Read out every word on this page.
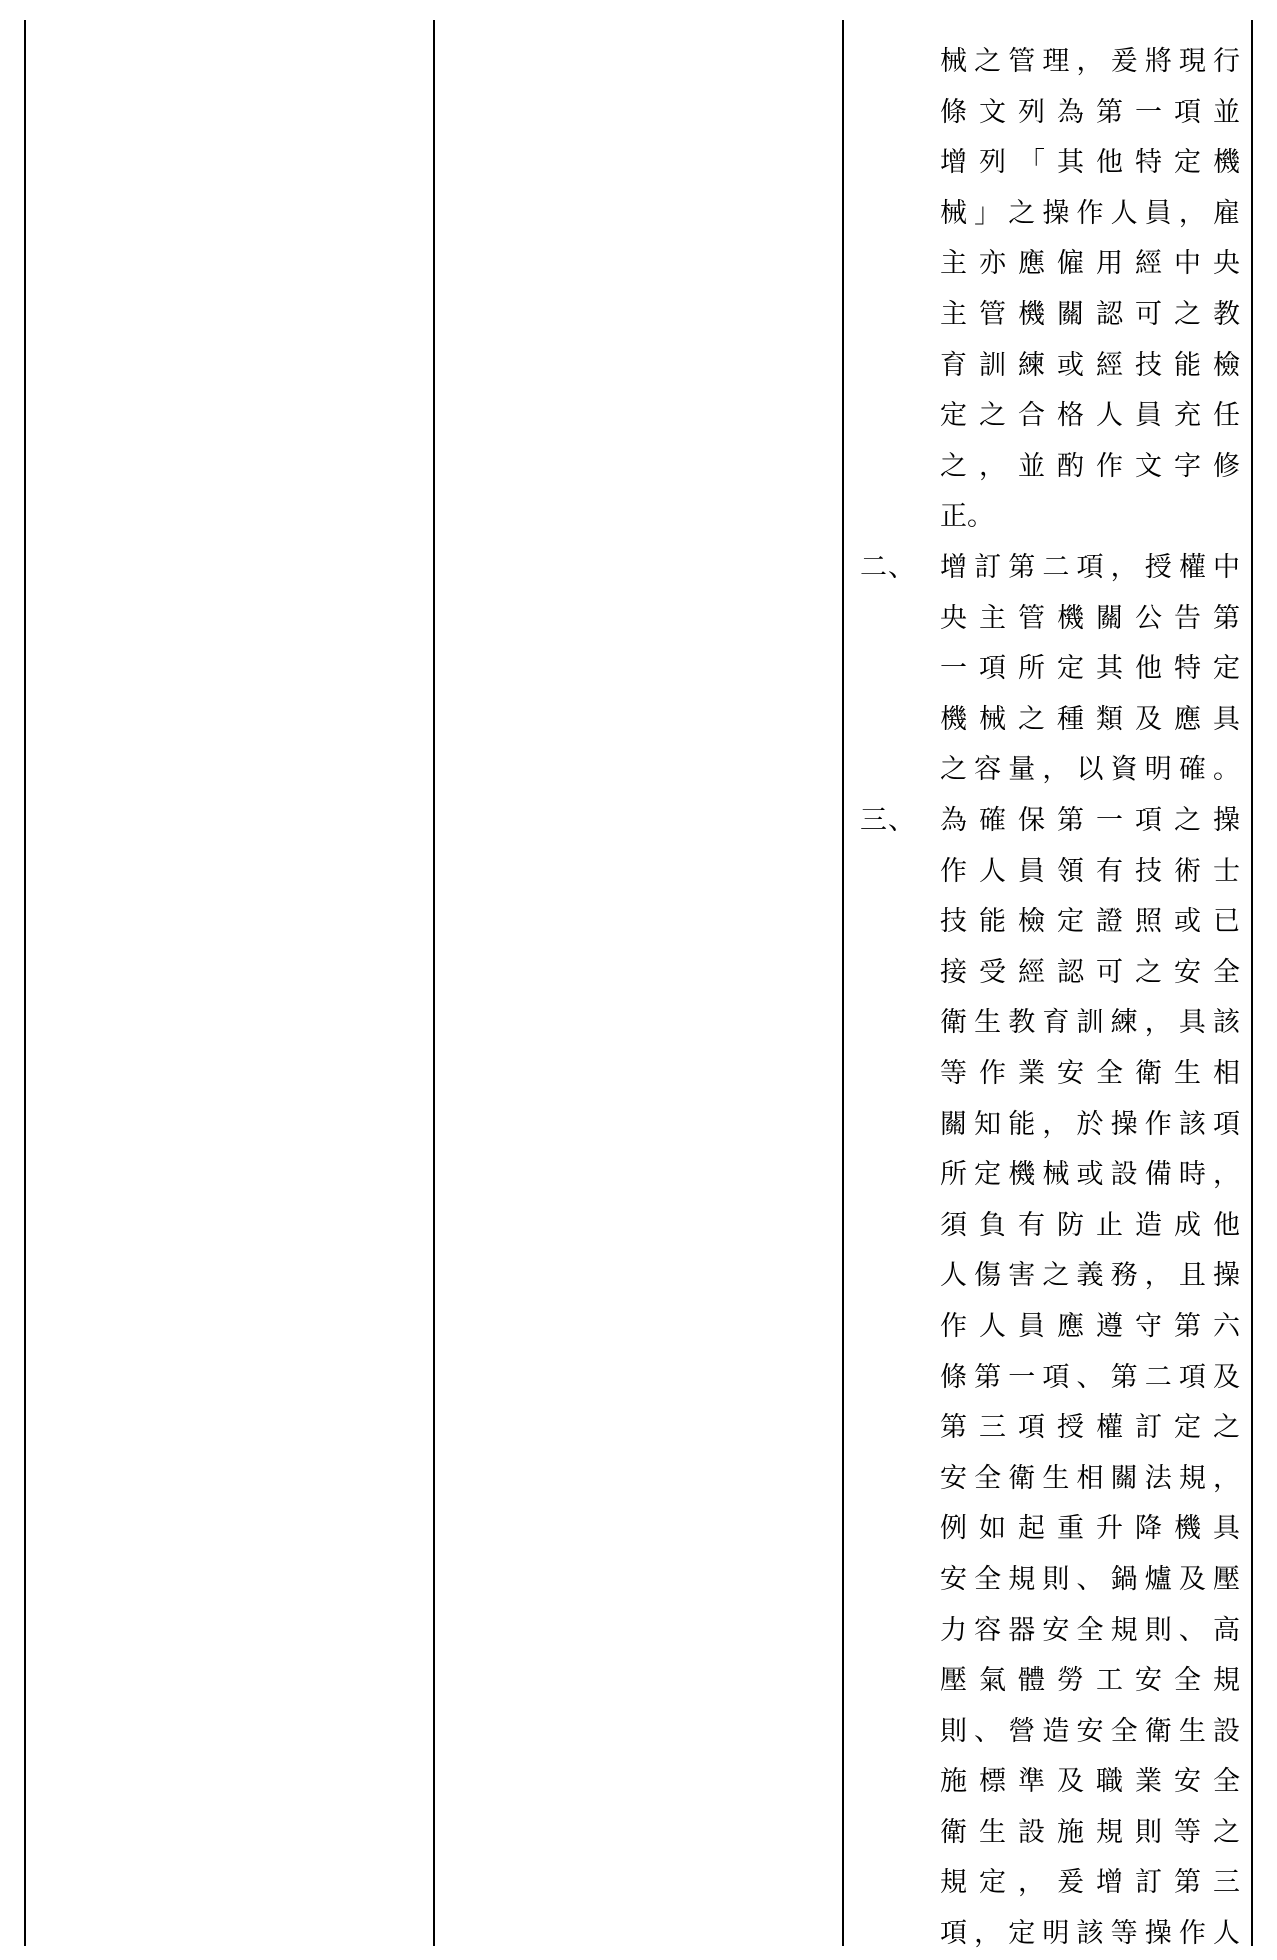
械之管理，爰將現行
條文列為第一項並
增列「其他特定機
械」之操作人員，雇
主亦應僱用經中央
主管機關認可之教
育訓練或經技能檢
定之合格人員充任
之，並酌作文字修
正。
二、 增訂第二項，授權中
央主管機關公告第
一項所定其他特定
機械之種類及應具
之容量，以資明確。
三、 為確保第一項之操
作人員領有技術士
技能檢定證照或已
接受經認可之安全
衛生教育訓練，具該
等作業安全衛生相
關知能，於操作該項
所定機械或設備時，
須負有防止造成他
人傷害之義務，且操
作人員應遵守第六
條第一項、第二項及
第三項授權訂定之
安全衛生相關法規，
例如起重升降機具
安全規則、鍋爐及壓
力容器安全規則、高
壓氣體勞工安全規
則、營造安全衛生設
施標準及職業安全
衛生設施規則等之
規定，爰增訂第三
項，定明該等操作人
